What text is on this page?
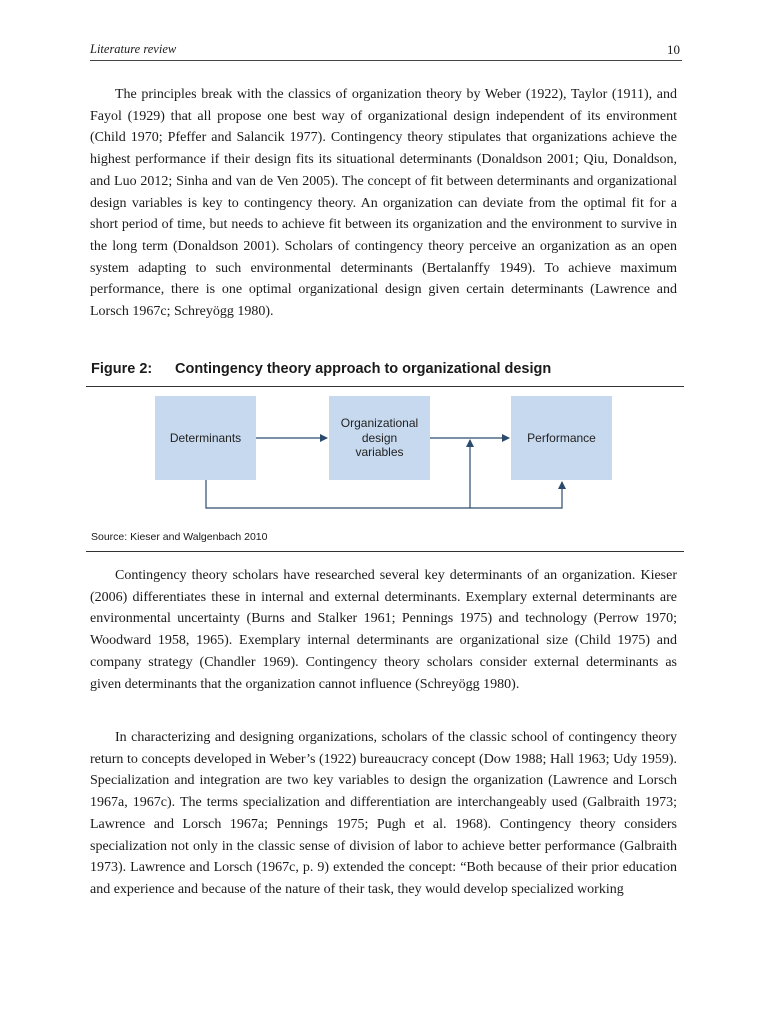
Literature review	10

The principles break with the classics of organization theory by Weber (1922), Taylor (1911), and Fayol (1929) that all propose one best way of organizational design independent of its environment (Child 1970; Pfeffer and Salancik 1977). Contingency theory stipulates that organizations achieve the highest performance if their design fits its situational determinants (Donaldson 2001; Qiu, Donaldson, and Luo 2012; Sinha and van de Ven 2005). The concept of fit between determinants and organizational design variables is key to contingency theory. An organization can deviate from the optimal fit for a short period of time, but needs to achieve fit between its organization and the environment to survive in the long term (Donaldson 2001). Scholars of contingency theory perceive an organization as an open system adapting to such environmental determinants (Bertalanffy 1949). To achieve maximum performance, there is one optimal organizational design given certain determinants (Lawrence and Lorsch 1967c; Schreyögg 1980).

Figure 2: Contingency theory approach to organizational design
Determinants
Organizational design variables
Performance
Source: Kieser and Walgenbach 2010

Contingency theory scholars have researched several key determinants of an organization. Kieser (2006) differentiates these in internal and external determinants. Exemplary external determinants are environmental uncertainty (Burns and Stalker 1961; Pennings 1975) and technology (Perrow 1970; Woodward 1958, 1965). Exemplary internal determinants are organizational size (Child 1975) and company strategy (Chandler 1969). Contingency theory scholars consider external determinants as given determinants that the organization cannot influence (Schreyögg 1980).

In characterizing and designing organizations, scholars of the classic school of contingency theory return to concepts developed in Weber’s (1922) bureaucracy concept (Dow 1988; Hall 1963; Udy 1959). Specialization and integration are two key variables to design the organization (Lawrence and Lorsch 1967a, 1967c). The terms specialization and differentiation are interchangeably used (Galbraith 1973; Lawrence and Lorsch 1967a; Pennings 1975; Pugh et al. 1968). Contingency theory considers specialization not only in the classic sense of division of labor to achieve better performance (Galbraith 1973). Lawrence and Lorsch (1967c, p. 9) extended the concept: “Both because of their prior education and experience and because of the nature of their task, they would develop specialized working
